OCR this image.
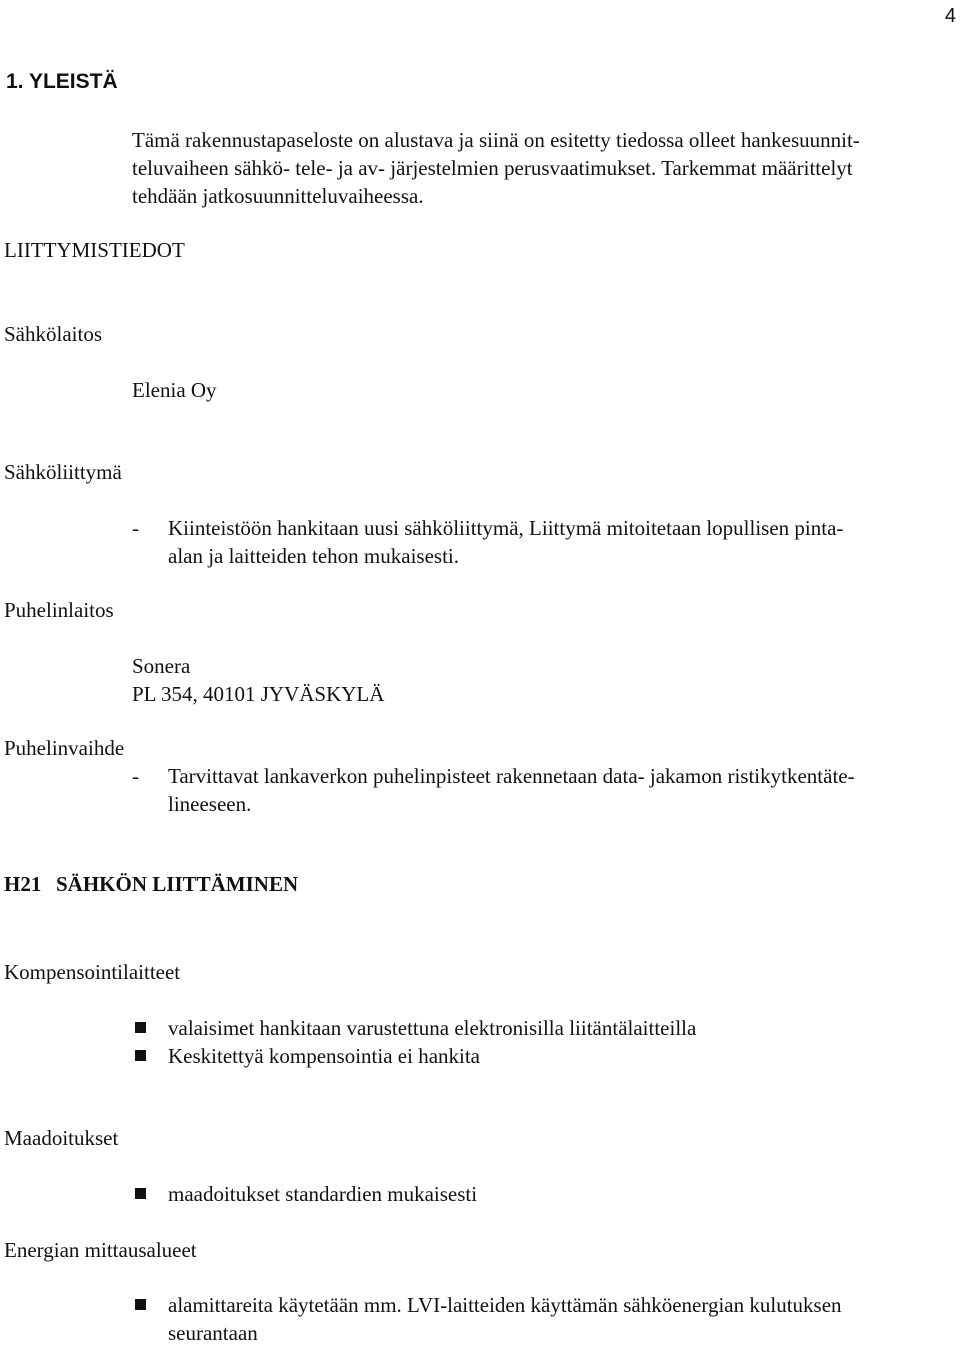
4
1. YLEISTÄ
Tämä rakennustapaseloste on alustava ja siinä on esitetty tiedossa olleet hankesuunnit-
teluvaiheen sähkö- tele- ja av- järjestelmien perusvaatimukset. Tarkemmat määrittelyt
tehdään jatkosuunnitteluvaiheessa.
LIITTYMISTIEDOT
Sähkölaitos
Elenia Oy
Sähköliittymä
- Kiinteistöön hankitaan uusi sähköliittymä, Liittymä mitoitetaan lopullisen pinta-
alan ja laitteiden tehon mukaisesti.
Puhelinlaitos
Sonera
PL 354, 40101 JYVÄSKYLÄ
Puhelinvaihde
- Tarvittavat lankaverkon puhelinpisteet rakennetaan data- jakamon ristikytkentäte-
lineeseen.
H21 SÄHKÖN LIITTÄMINEN
Kompensointilaitteet
valaisimet hankitaan varustettuna elektronisilla liitäntälaitteilla
Keskitettyä kompensointia ei hankita
Maadoitukset
maadoitukset standardien mukaisesti
Energian mittausalueet
alamittareita käytetään mm. LVI-laitteiden käyttämän sähköenergian kulutuksen
seurantaan
